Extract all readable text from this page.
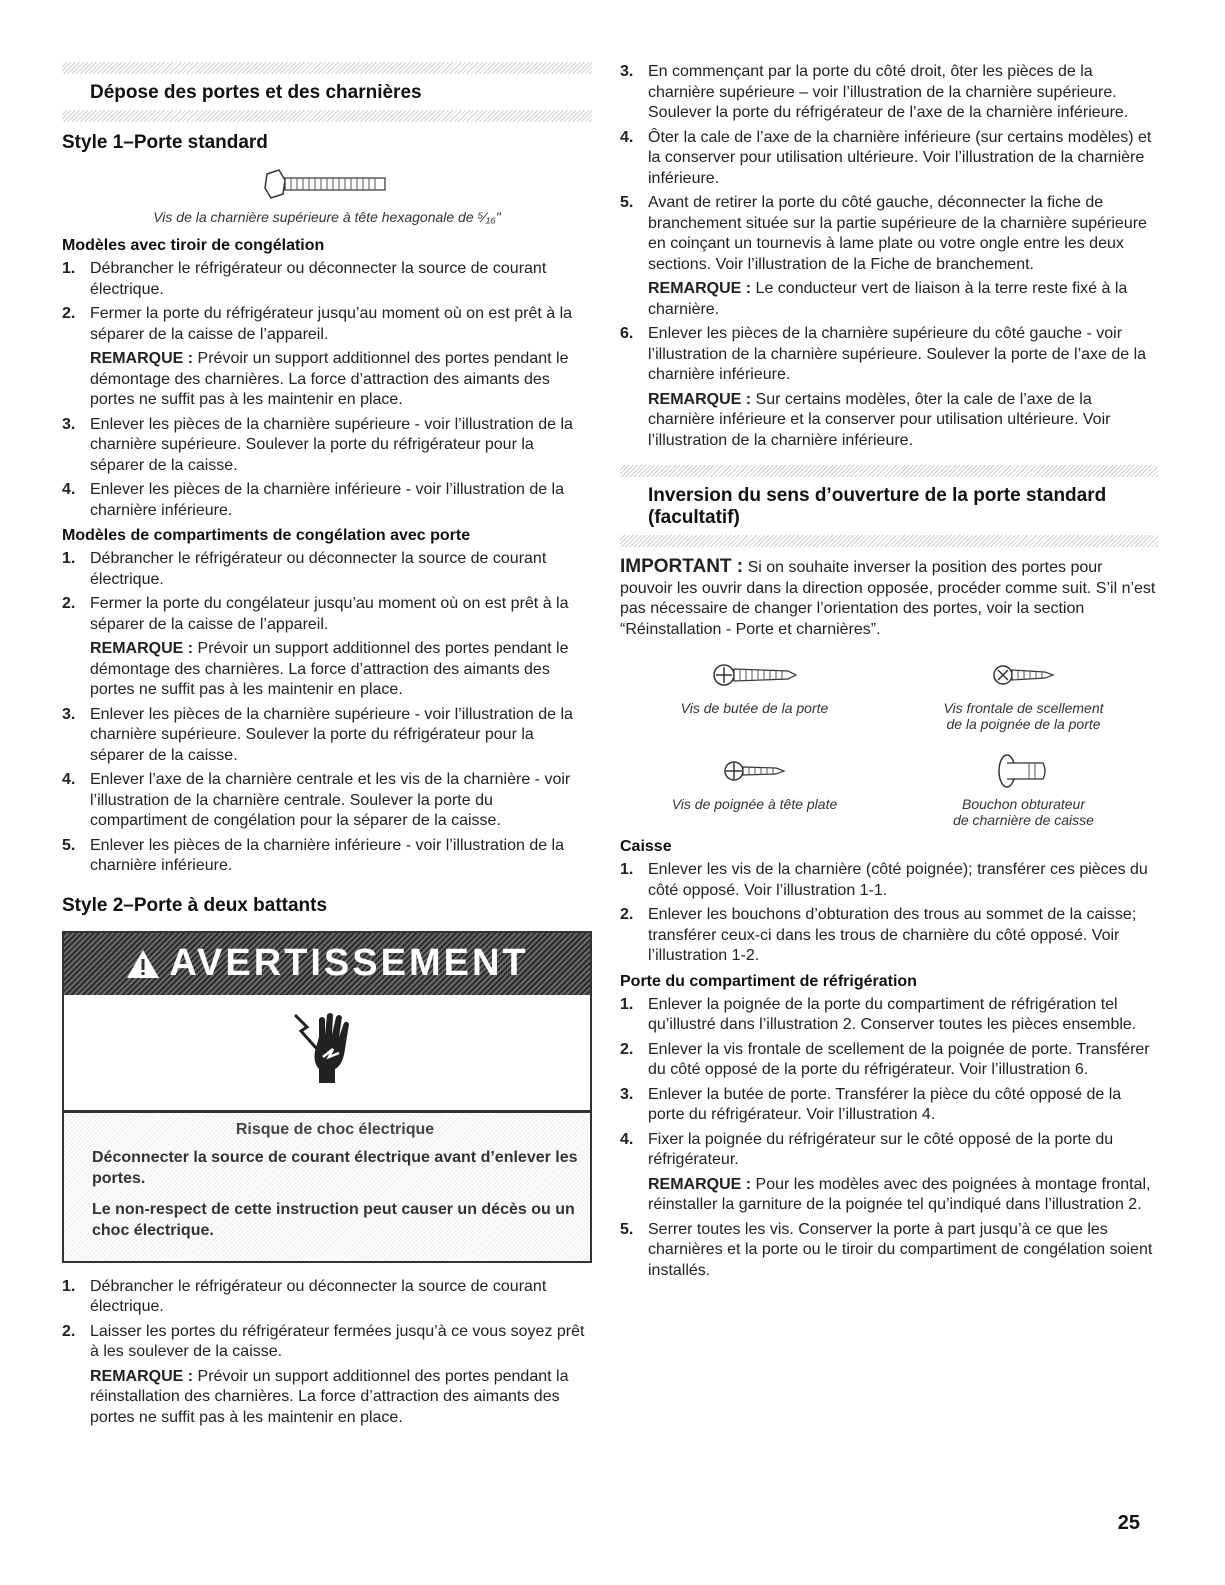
Dépose des portes et des charnières
Style 1–Porte standard
Vis de la charnière supérieure à tête hexagonale de ⁵⁄₁₆"
Modèles avec tiroir de congélation
1. Débrancher le réfrigérateur ou déconnecter la source de courant électrique.
2. Fermer la porte du réfrigérateur jusqu’au moment où on est prêt à la séparer de la caisse de l’appareil.
REMARQUE : Prévoir un support additionnel des portes pendant le démontage des charnières. La force d’attraction des aimants des portes ne suffit pas à les maintenir en place.
3. Enlever les pièces de la charnière supérieure - voir l’illustration de la charnière supérieure. Soulever la porte du réfrigérateur pour la séparer de la caisse.
4. Enlever les pièces de la charnière inférieure - voir l’illustration de la charnière inférieure.
Modèles de compartiments de congélation avec porte
1. Débrancher le réfrigérateur ou déconnecter la source de courant électrique.
2. Fermer la porte du congélateur jusqu’au moment où on est prêt à la séparer de la caisse de l’appareil.
REMARQUE : Prévoir un support additionnel des portes pendant le démontage des charnières. La force d’attraction des aimants des portes ne suffit pas à les maintenir en place.
3. Enlever les pièces de la charnière supérieure - voir l’illustration de la charnière supérieure. Soulever la porte du réfrigérateur pour la séparer de la caisse.
4. Enlever l’axe de la charnière centrale et les vis de la charnière - voir l’illustration de la charnière centrale. Soulever la porte du compartiment de congélation pour la séparer de la caisse.
5. Enlever les pièces de la charnière inférieure - voir l’illustration de la charnière inférieure.
Style 2–Porte à deux battants
AVERTISSEMENT
Risque de choc électrique

Déconnecter la source de courant électrique avant d’enlever les portes.

Le non-respect de cette instruction peut causer un décès ou un choc électrique.

1. Débrancher le réfrigérateur ou déconnecter la source de courant électrique.
2. Laisser les portes du réfrigérateur fermées jusqu’à ce vous soyez prêt à les soulever de la caisse.
REMARQUE : Prévoir un support additionnel des portes pendant la réinstallation des charnières. La force d’attraction des aimants des portes ne suffit pas à les maintenir en place.
3. En commençant par la porte du côté droit, ôter les pièces de la charnière supérieure – voir l’illustration de la charnière supérieure. Soulever la porte du réfrigérateur de l’axe de la charnière inférieure.
4. Ôter la cale de l’axe de la charnière inférieure (sur certains modèles) et la conserver pour utilisation ultérieure. Voir l’illustration de la charnière inférieure.
5. Avant de retirer la porte du côté gauche, déconnecter la fiche de branchement située sur la partie supérieure de la charnière supérieure en coinçant un tournevis à lame plate ou votre ongle entre les deux sections. Voir l’illustration de la Fiche de branchement.
REMARQUE : Le conducteur vert de liaison à la terre reste fixé à la charnière.
6. Enlever les pièces de la charnière supérieure du côté gauche - voir l’illustration de la charnière supérieure. Soulever la porte de l’axe de la charnière inférieure.
REMARQUE : Sur certains modèles, ôter la cale de l’axe de la charnière inférieure et la conserver pour utilisation ultérieure. Voir l’illustration de la charnière inférieure.
Inversion du sens d’ouverture de la porte standard (facultatif)
IMPORTANT : Si on souhaite inverser la position des portes pour pouvoir les ouvrir dans la direction opposée, procéder comme suit. S’il n’est pas nécessaire de changer l’orientation des portes, voir la section “Réinstallation - Porte et charnières”.
Vis de butée de la porte	Vis frontale de scellement
de la poignée de la porte
Vis de poignée à tête plate	Bouchon obturateur
de charnière de caisse
Caisse
1. Enlever les vis de la charnière (côté poignée); transférer ces pièces du côté opposé. Voir l’illustration 1-1.
2. Enlever les bouchons d’obturation des trous au sommet de la caisse; transférer ceux-ci dans les trous de charnière du côté opposé. Voir l’illustration 1-2.
Porte du compartiment de réfrigération
1. Enlever la poignée de la porte du compartiment de réfrigération tel qu’illustré dans l’illustration 2. Conserver toutes les pièces ensemble.
2. Enlever la vis frontale de scellement de la poignée de porte. Transférer du côté opposé de la porte du réfrigérateur. Voir l’illustration 6.
3. Enlever la butée de porte. Transférer la pièce du côté opposé de la porte du réfrigérateur. Voir l’illustration 4.
4. Fixer la poignée du réfrigérateur sur le côté opposé de la porte du réfrigérateur.
REMARQUE : Pour les modèles avec des poignées à montage frontal, réinstaller la garniture de la poignée tel qu’indiqué dans l’illustration 2.
5. Serrer toutes les vis. Conserver la porte à part jusqu’à ce que les charnières et la porte ou le tiroir du compartiment de congélation soient installés.
25
